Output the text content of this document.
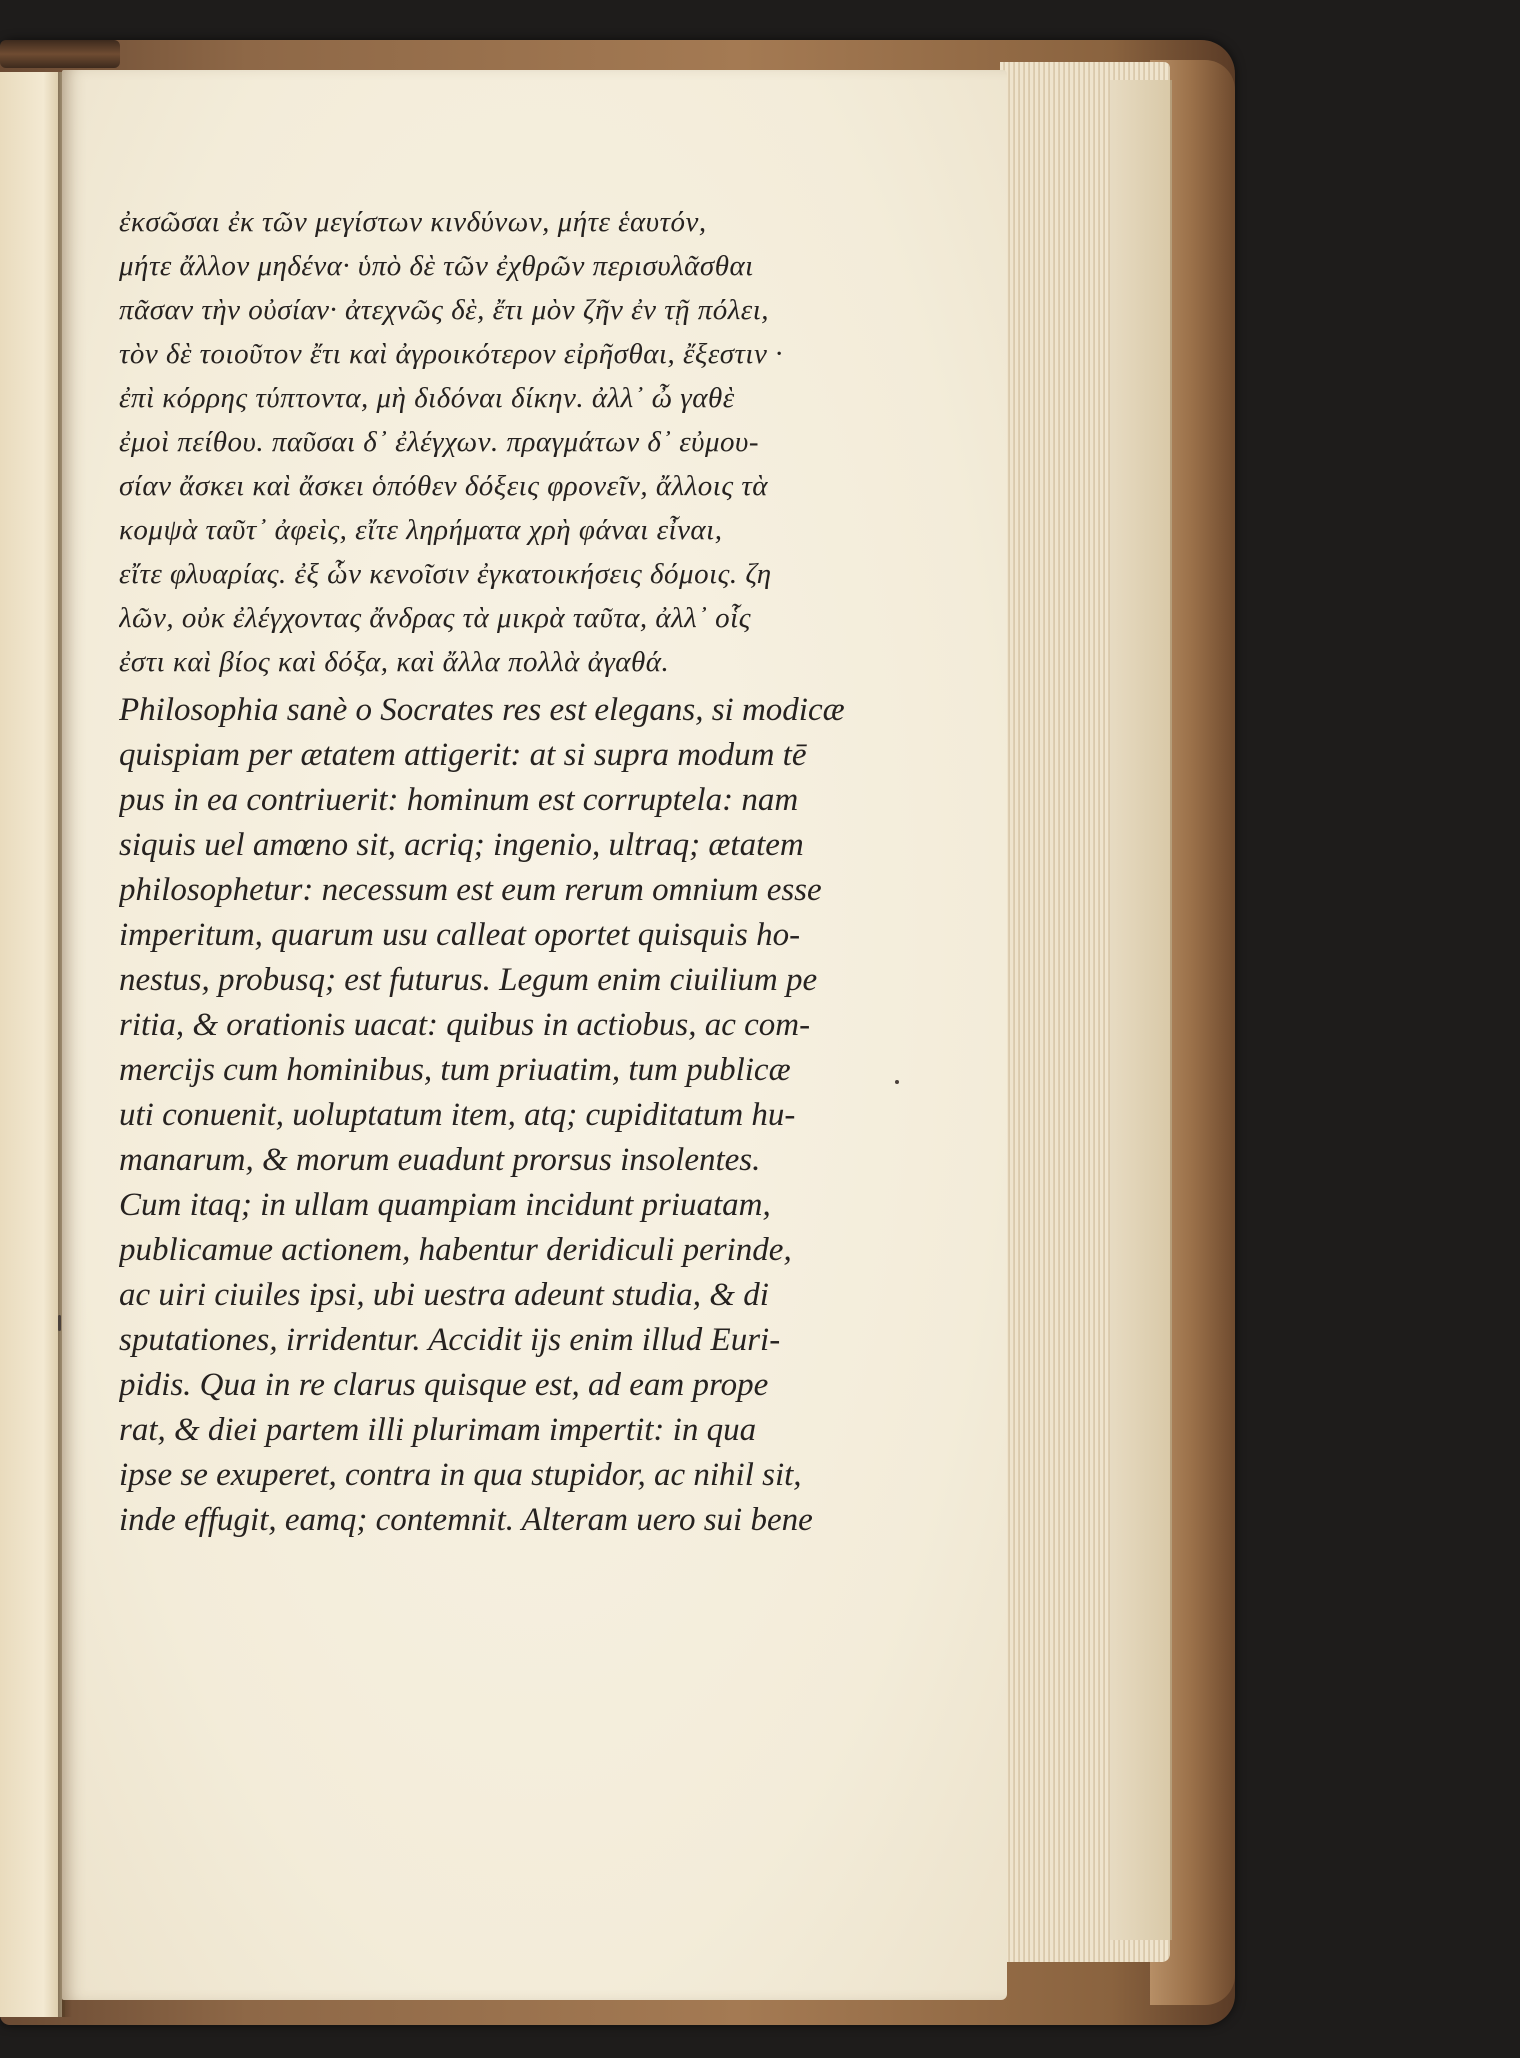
ἐκσῶσαι ἐκ τῶν μεγίστων κινδύνων, μήτε ἑαυτόν,
μήτε ἄλλον μηδένα· ὑπὸ δὲ τῶν ἐχθρῶν περισυλᾶσθαι
πᾶσαν τὴν οὐσίαν· ἀτεχνῶς δὲ, ἔτι μὸν ζῆν ἐν τῇ πόλει,
τὸν δὲ τοιοῦτον ἔτι καὶ ἀγροικότερον εἰρῆσθαι, ἔξεστιν ·
ἐπὶ κόρρης τύπτοντα, μὴ διδόναι δίκην. ἀλλ᾽ ὦ γαθὲ
ἐμοὶ πείθου. παῦσαι δ᾽ ἐλέγχων. πραγμάτων δ᾽ εὐμου-
σίαν ἄσκει καὶ ἄσκει ὁπόθεν δόξεις φρονεῖν, ἄλλοις τὰ
κομψὰ ταῦτ᾽ ἀφεὶς, εἴτε ληρήματα χρὴ φάναι εἶναι,
εἴτε φλυαρίας. ἐξ ὧν κενοῖσιν ἐγκατοικήσεις δόμοις. ζη
λῶν, οὐκ ἐλέγχοντας ἄνδρας τὰ μικρὰ ταῦτα, ἀλλ᾽ οἷς
ἐστι καὶ βίος καὶ δόξα, καὶ ἄλλα πολλὰ ἀγαθά.
Philosophia sanè o Socrates res est elegans, si modicæ
quispiam per ætatem attigerit: at si supra modum tē
pus in ea contriuerit: hominum est corruptela: nam
siquis uel amœno sit, acriq; ingenio, ultraq; ætatem
philosophetur: necessum est eum rerum omnium esse
imperitum, quarum usu calleat oportet quisquis ho-
nestus, probusq; est futurus. Legum enim ciuilium pe
ritia, & orationis uacat: quibus in actiobus, ac com-
mercijs cum hominibus, tum priuatim, tum publicæ
uti conuenit, uoluptatum item, atq; cupiditatum hu-
manarum, & morum euadunt prorsus insolentes.
Cum itaq; in ullam quampiam incidunt priuatam,
publicamue actionem, habentur deridiculi perinde,
ac uiri ciuiles ipsi, ubi uestra adeunt studia, & di
sputationes, irridentur. Accidit ijs enim illud Euri-
pidis. Qua in re clarus quisque est, ad eam prope
rat, & diei partem illi plurimam impertit: in qua
ipse se exuperet, contra in qua stupidor, ac nihil sit,
inde effugit, eamq; contemnit. Alteram uero sui bene
